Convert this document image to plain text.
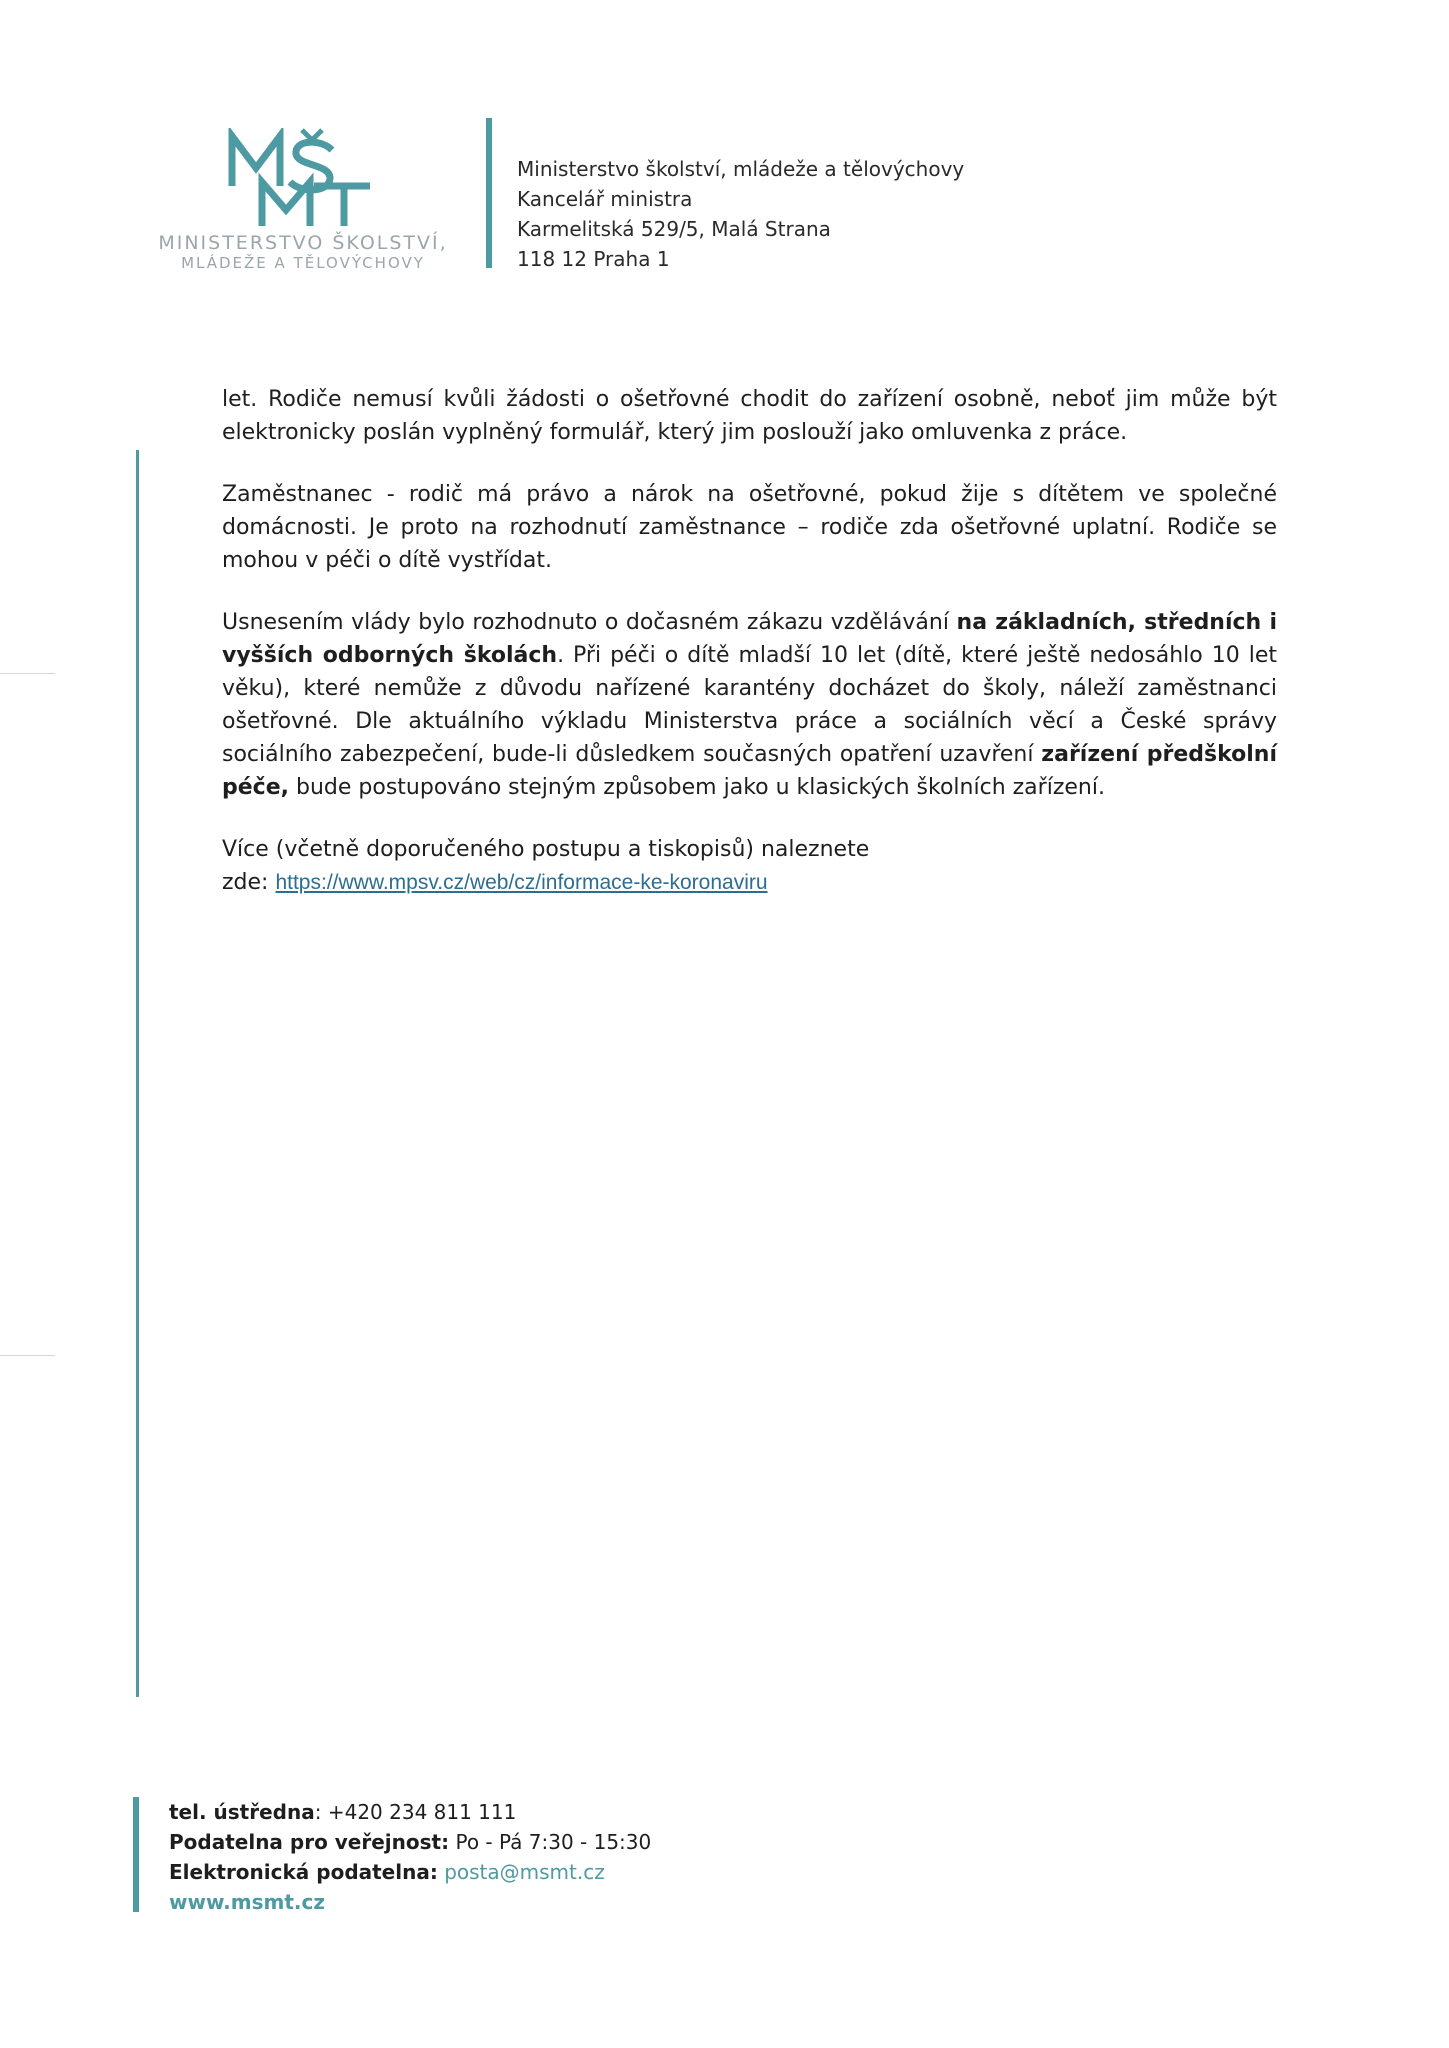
MINISTERSTVO ŠKOLSTVÍ,
MLÁDEŽE A TĚLOVÝCHOVY
Ministerstvo školství, mládeže a tělovýchovy
Kancelář ministra
Karmelitská 529/5, Malá Strana
118 12 Praha 1

let. Rodiče nemusí kvůli žádosti o ošetřovné chodit do zařízení osobně, neboť jim může být elektronicky poslán vyplněný formulář, který jim poslouží jako omluvenka z práce.

Zaměstnanec - rodič má právo a nárok na ošetřovné, pokud žije s dítětem ve společné domácnosti. Je proto na rozhodnutí zaměstnance – rodiče zda ošetřovné uplatní. Rodiče se mohou v péči o dítě vystřídat.

Usnesením vlády bylo rozhodnuto o dočasném zákazu vzdělávání na základních, středních i vyšších odborných školách. Při péči o dítě mladší 10 let (dítě, které ještě nedosáhlo 10 let věku), které nemůže z důvodu nařízené karantény docházet do školy, náleží zaměstnanci ošetřovné. Dle aktuálního výkladu Ministerstva práce a sociálních věcí a České správy sociálního zabezpečení, bude-li důsledkem současných opatření uzavření zařízení předškolní péče, bude postupováno stejným způsobem jako u klasických školních zařízení.

Více (včetně doporučeného postupu a tiskopisů) naleznete
zde: https://www.mpsv.cz/web/cz/informace-ke-koronaviru

tel. ústředna: +420 234 811 111
Podatelna pro veřejnost: Po - Pá 7:30 - 15:30
Elektronická podatelna: posta@msmt.cz
www.msmt.cz
